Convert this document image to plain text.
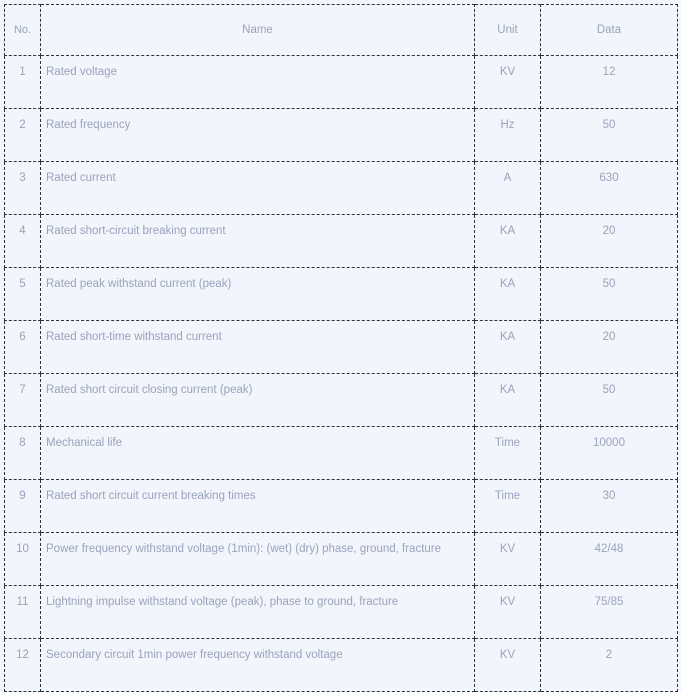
No.	Name	Unit	Data

1	Rated voltage	KV	12

2	Rated frequency	Hz	50

3	Rated current	A	630

4	Rated short-circuit breaking current	KA	20

5	Rated peak withstand current (peak)	KA	50

6	Rated short-time withstand current	KA	20

7	Rated short circuit closing current (peak)	KA	50

8	Mechanical life	Time	10000

9	Rated short circuit current breaking times	Time	30

10	Power frequency withstand voltage (1min): (wet) (dry) phase, ground, fracture	KV	42/48

11	Lightning impulse withstand voltage (peak), phase to ground, fracture	KV	75/85

12	Secondary circuit 1min power frequency withstand voltage	KV	2
